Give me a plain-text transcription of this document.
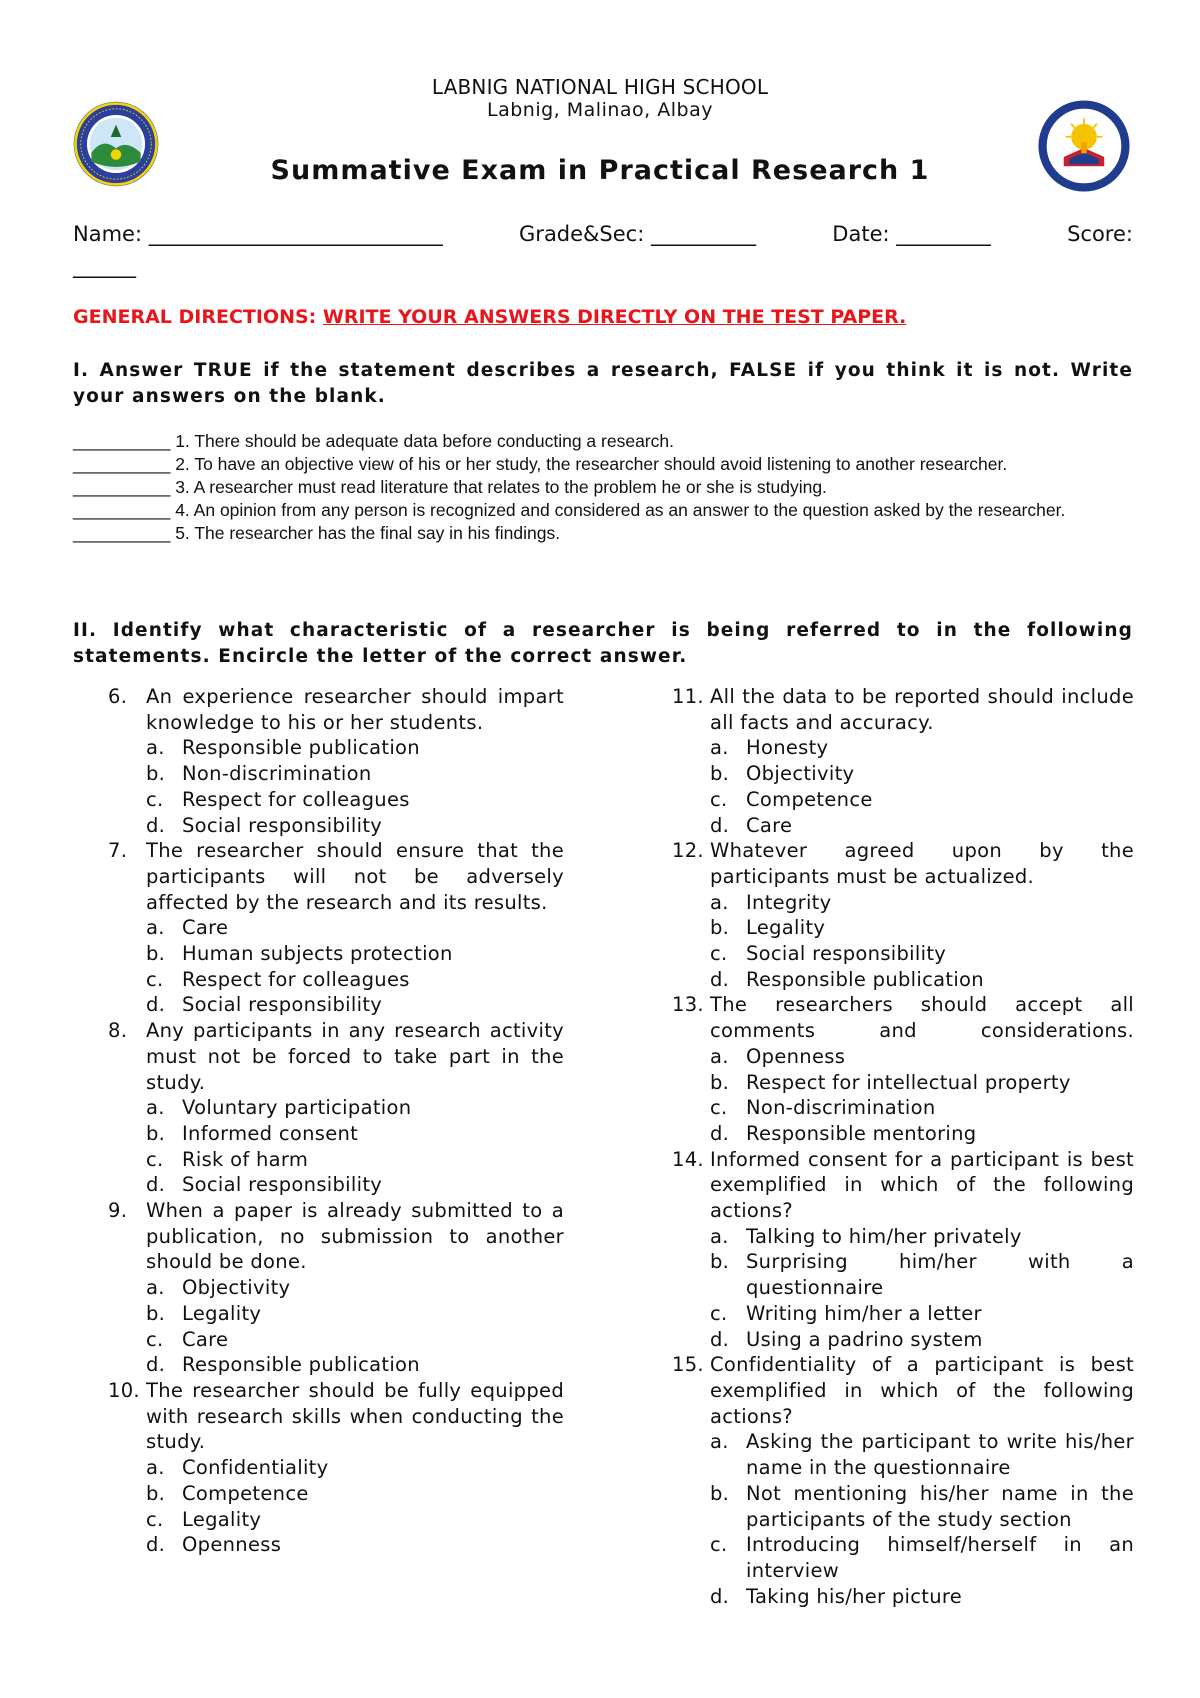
LABNIG NATIONAL HIGH SCHOOL
Labnig, Malinao, Albay
Summative Exam in Practical Research 1
Name: ____________________________	Grade&Sec: __________	Date: _________	Score:
______
GENERAL DIRECTIONS: WRITE YOUR ANSWERS DIRECTLY ON THE TEST PAPER.
I. Answer TRUE if the statement describes a research, FALSE if you think it is not. Write your answers on the blank.
__________ 1. There should be adequate data before conducting a research.
__________ 2. To have an objective view of his or her study, the researcher should avoid listening to another researcher.
__________ 3. A researcher must read literature that relates to the problem he or she is studying.
__________ 4. An opinion from any person is recognized and considered as an answer to the question asked by the researcher.
__________ 5. The researcher has the final say in his findings.
II. Identify what characteristic of a researcher is being referred to in the following statements. Encircle the letter of the correct answer.
6. An experience researcher should impart knowledge to his or her students.
a. Responsible publication
b. Non-discrimination
c. Respect for colleagues
d. Social responsibility
7. The researcher should ensure that the participants will not be adversely affected by the research and its results.
a. Care
b. Human subjects protection
c. Respect for colleagues
d. Social responsibility
8. Any participants in any research activity must not be forced to take part in the study.
a. Voluntary participation
b. Informed consent
c. Risk of harm
d. Social responsibility
9. When a paper is already submitted to a publication, no submission to another should be done.
a. Objectivity
b. Legality
c. Care
d. Responsible publication
10. The researcher should be fully equipped with research skills when conducting the study.
a. Confidentiality
b. Competence
c. Legality
d. Openness
11. All the data to be reported should include all facts and accuracy.
a. Honesty
b. Objectivity
c. Competence
d. Care
12. Whatever agreed upon by the participants must be actualized.
a. Integrity
b. Legality
c. Social responsibility
d. Responsible publication
13. The researchers should accept all comments and considerations.
a. Openness
b. Respect for intellectual property
c. Non-discrimination
d. Responsible mentoring
14. Informed consent for a participant is best exemplified in which of the following actions?
a. Talking to him/her privately
b. Surprising him/her with a questionnaire
c. Writing him/her a letter
d. Using a padrino system
15. Confidentiality of a participant is best exemplified in which of the following actions?
a. Asking the participant to write his/her name in the questionnaire
b. Not mentioning his/her name in the participants of the study section
c. Introducing himself/herself in an interview
d. Taking his/her picture
